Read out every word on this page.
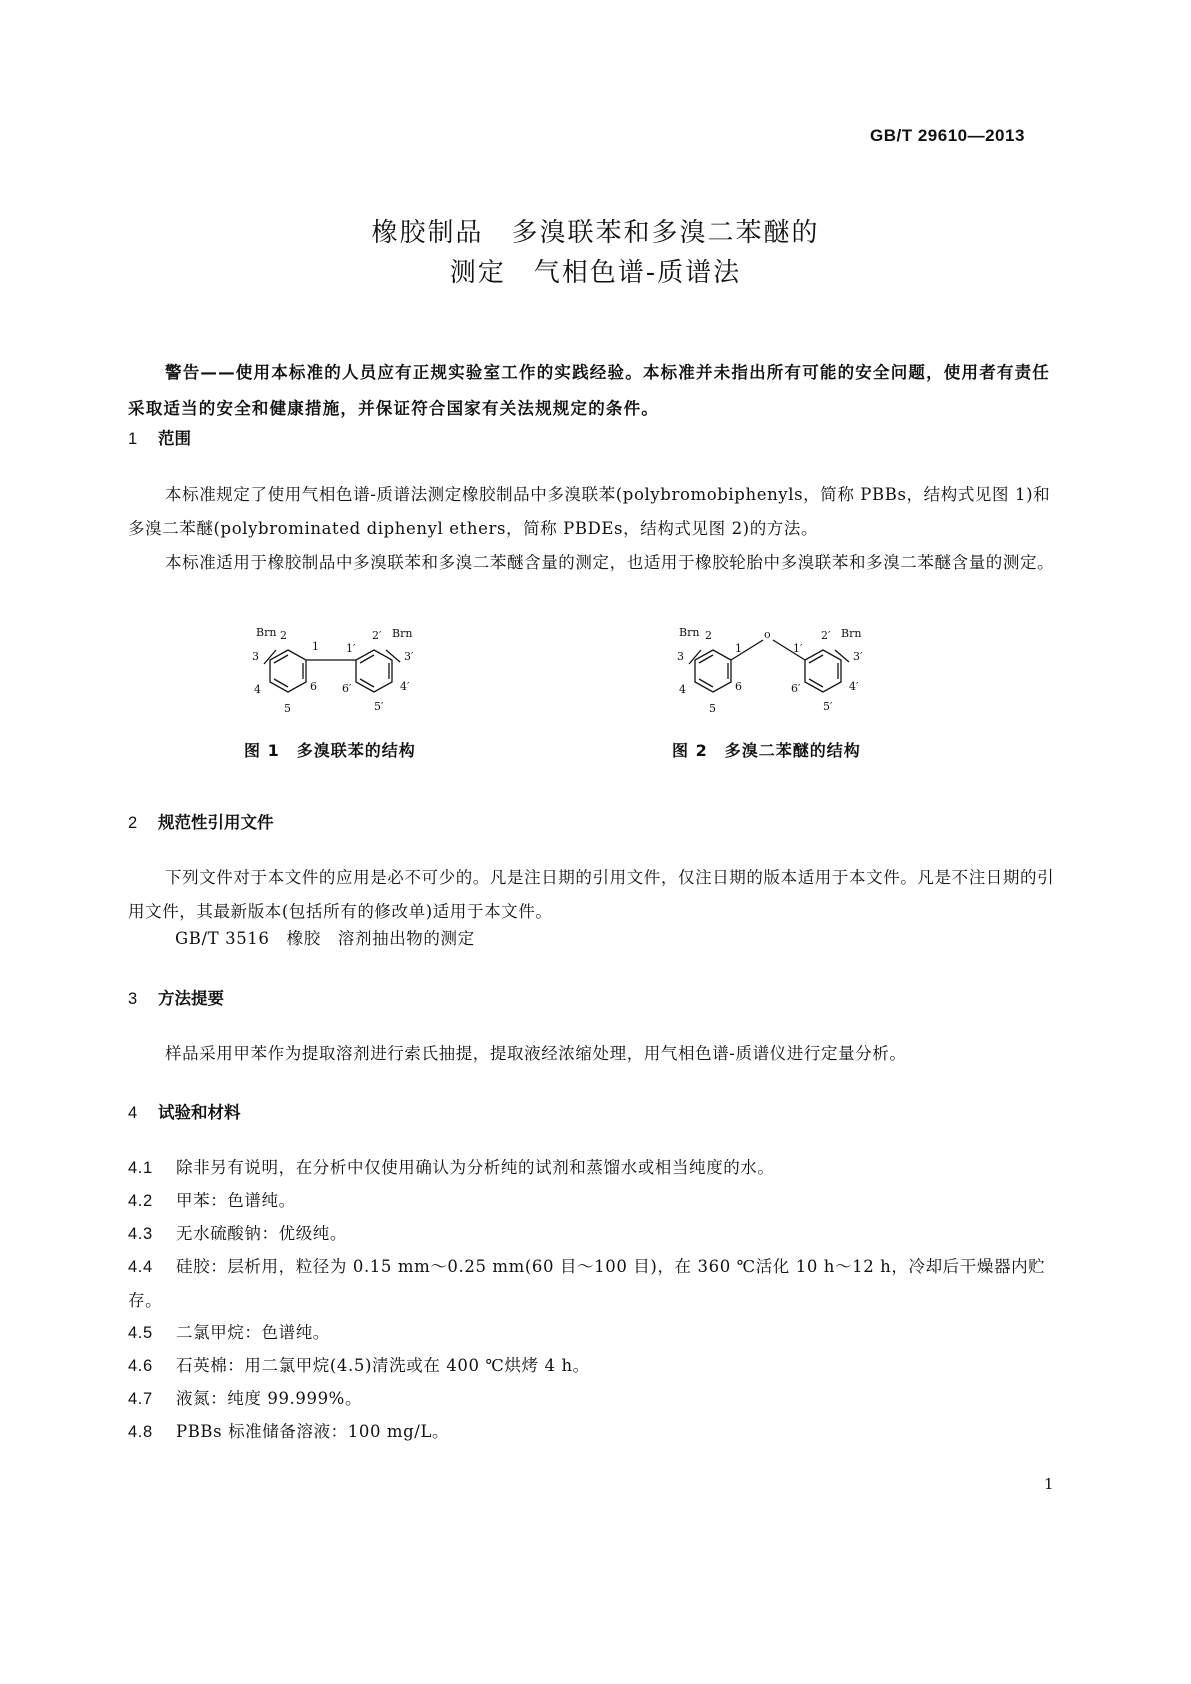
GB/T 29610—2013
橡胶制品　多溴联苯和多溴二苯醚的
测定　气相色谱-质谱法
警告——使用本标准的人员应有正规实验室工作的实践经验。本标准并未指出所有可能的安全问题，使用者有责任采取适当的安全和健康措施，并保证符合国家有关法规规定的条件。
1 范围
本标准规定了使用气相色谱-质谱法测定橡胶制品中多溴联苯(polybromobiphenyls，简称 PBBs，结构式见图 1)和多溴二苯醚(polybrominated diphenyl ethers，简称 PBDEs，结构式见图 2)的方法。
本标准适用于橡胶制品中多溴联苯和多溴二苯醚含量的测定，也适用于橡胶轮胎中多溴联苯和多溴二苯醚含量的测定。
Brn 2
1 1′
2′ Brn
3	3′
4	4′
5	5′
6 6′
o
Brn 2
1	1′
2′ Brn
3	3′
4	4′
5	5′
6	6′
图 1　多溴联苯的结构	图 2　多溴二苯醚的结构
2 规范性引用文件
下列文件对于本文件的应用是必不可少的。凡是注日期的引用文件，仅注日期的版本适用于本文件。凡是不注日期的引用文件，其最新版本(包括所有的修改单)适用于本文件。
GB/T 3516　橡胶　溶剂抽出物的测定
3 方法提要
样品采用甲苯作为提取溶剂进行索氏抽提，提取液经浓缩处理，用气相色谱-质谱仪进行定量分析。
4 试验和材料
4.1 除非另有说明，在分析中仅使用确认为分析纯的试剂和蒸馏水或相当纯度的水。
4.2 甲苯：色谱纯。
4.3 无水硫酸钠：优级纯。
4.4 硅胶：层析用，粒径为 0.15 mm～0.25 mm(60 目～100 目)，在 360 ℃活化 10 h～12 h，冷却后干燥器内贮存。
4.5 二氯甲烷：色谱纯。
4.6 石英棉：用二氯甲烷(4.5)清洗或在 400 ℃烘烤 4 h。
4.7 液氮：纯度 99.999%。
4.8 PBBs 标准储备溶液：100 mg/L。
1
